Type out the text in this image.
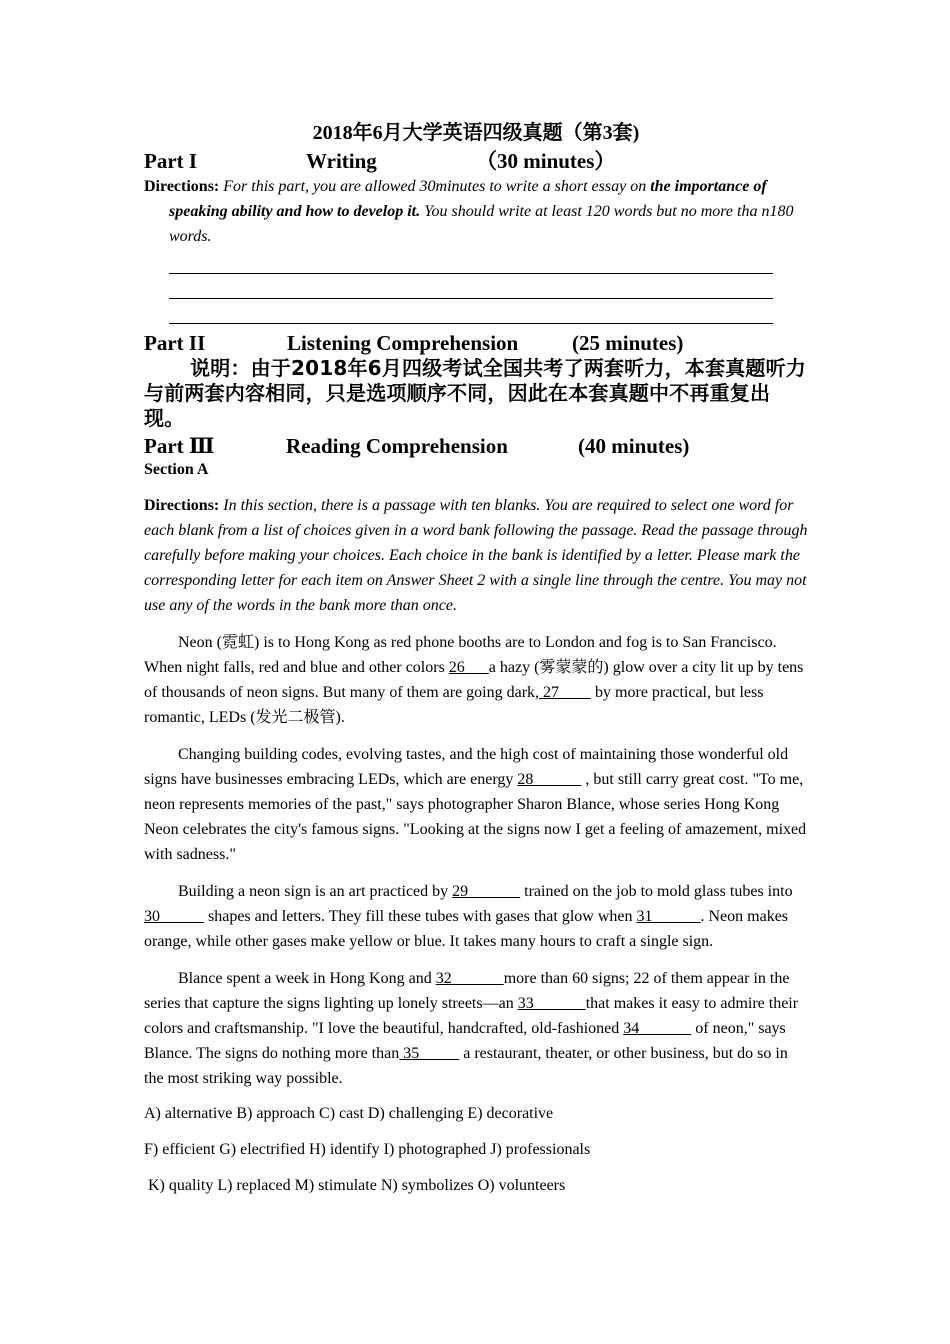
2018年6月大学英语四级真题（第3套)

Part I	Writing	（30 minutes）

Directions: For this part, you are allowed 30minutes to write a short essay on the importance of speaking ability and how to develop it. You should write at least 120 words but no more tha n180 words.

Part II	Listening Comprehension	(25 minutes)

说明：由于2018年6月四级考试全国共考了两套听力，本套真题听力与前两套内容相同，只是选项顺序不同，因此在本套真题中不再重复出现。

Part Ⅲ	Reading Comprehension	(40 minutes)

Section A

Directions: In this section, there is a passage with ten blanks. You are required to select one word for each blank from a list of choices given in a word bank following the passage. Read the passage through carefully before making your choices. Each choice in the bank is identified by a letter. Please mark the corresponding letter for each item on Answer Sheet 2 with a single line through the centre. You may not use any of the words in the bank more than once.

Neon (霓虹) is to Hong Kong as red phone booths are to London and fog is to San Francisco. When night falls, red and blue and other colors 26 a hazy (雾蒙蒙的) glow over a city lit up by tens of thousands of neon signs. But many of them are going dark, 27         by more practical, but less romantic, LEDs (发光二极管).

Changing building codes, evolving tastes, and the high cost of maintaining those wonderful old signs have businesses embracing LEDs, which are energy 28	, but still carry great cost. "To me, neon represents memories of the past," says photographer Sharon Blance, whose series Hong Kong Neon celebrates the city's famous signs. "Looking at the signs now I get a feeling of amazement, mixed with sadness."

Building a neon sign is an art practiced by 29	trained on the job to mold glass tubes into 30	shapes and letters. They fill these tubes with gases that glow when 31	. Neon makes orange, while other gases make yellow or blue. It takes many hours to craft a single sign.

Blance spent a week in Hong Kong and 32	more than 60 signs; 22 of them appear in the series that capture the signs lighting up lonely streets—an 33	that makes it easy to admire their colors and craftsmanship. "I love the beautiful, handcrafted, old-fashioned 34	of neon," says Blance. The signs do nothing more than 35	a restaurant, theater, or other business, but do so in the most striking way possible.

A) alternative B) approach C) cast D) challenging E) decorative

F) efficient G) electrified H) identify I) photographed J) professionals

K) quality L) replaced M) stimulate N) symbolizes O) volunteers
